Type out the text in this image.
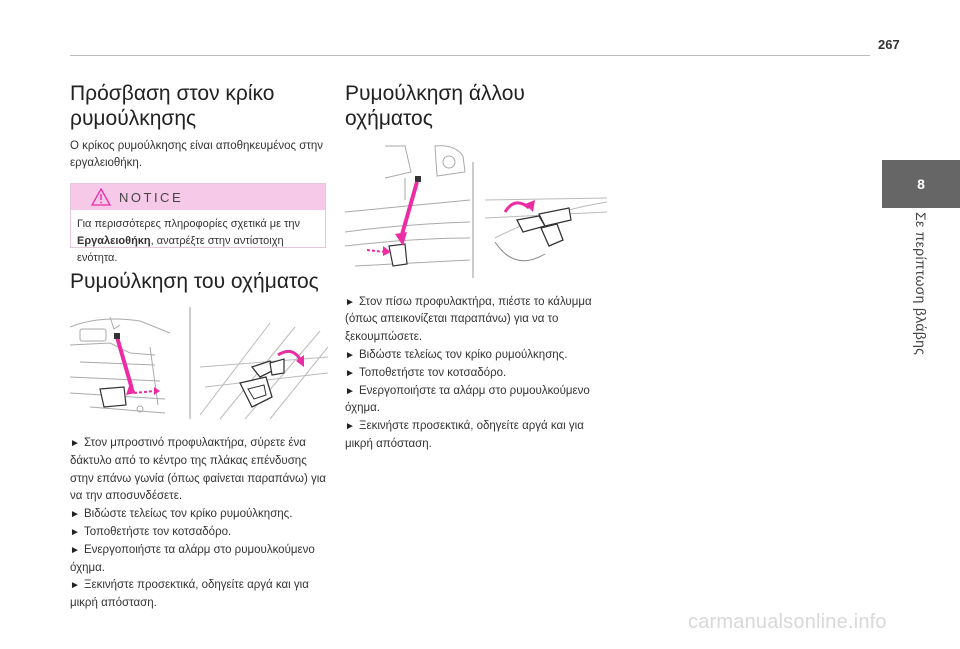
267
8
Σε περίπτωση βλάβης
Πρόσβαση στον κρίκο ρυμούλκησης

Ο κρίκος ρυμούλκησης είναι αποθηκευμένος στην εργαλειοθήκη.

NOTICE
Για περισσότερες πληροφορίες σχετικά με την Εργαλειοθήκη, ανατρέξτε στην αντίστοιχη ενότητα.
Ρυμούλκηση του οχήματος
► Στον μπροστινό προφυλακτήρα, σύρετε ένα δάκτυλο από το κέντρο της πλάκας επένδυσης στην επάνω γωνία (όπως φαίνεται παραπάνω) για να την αποσυνδέσετε.
► Βιδώστε τελείως τον κρίκο ρυμούλκησης.
► Τοποθετήστε τον κοτσαδόρο.
► Ενεργοποιήστε τα αλάρμ στο ρυμουλκούμενο όχημα.
► Ξεκινήστε προσεκτικά, οδηγείτε αργά και για μικρή απόσταση.
Ρυμούλκηση άλλου οχήματος
► Στον πίσω προφυλακτήρα, πιέστε το κάλυμμα (όπως απεικονίζεται παραπάνω) για να το ξεκουμπώσετε.
► Βιδώστε τελείως τον κρίκο ρυμούλκησης.
► Τοποθετήστε τον κοτσαδόρο.
► Ενεργοποιήστε τα αλάρμ στο ρυμουλκούμενο όχημα.
► Ξεκινήστε προσεκτικά, οδηγείτε αργά και για μικρή απόσταση.
carmanualsonline.info
